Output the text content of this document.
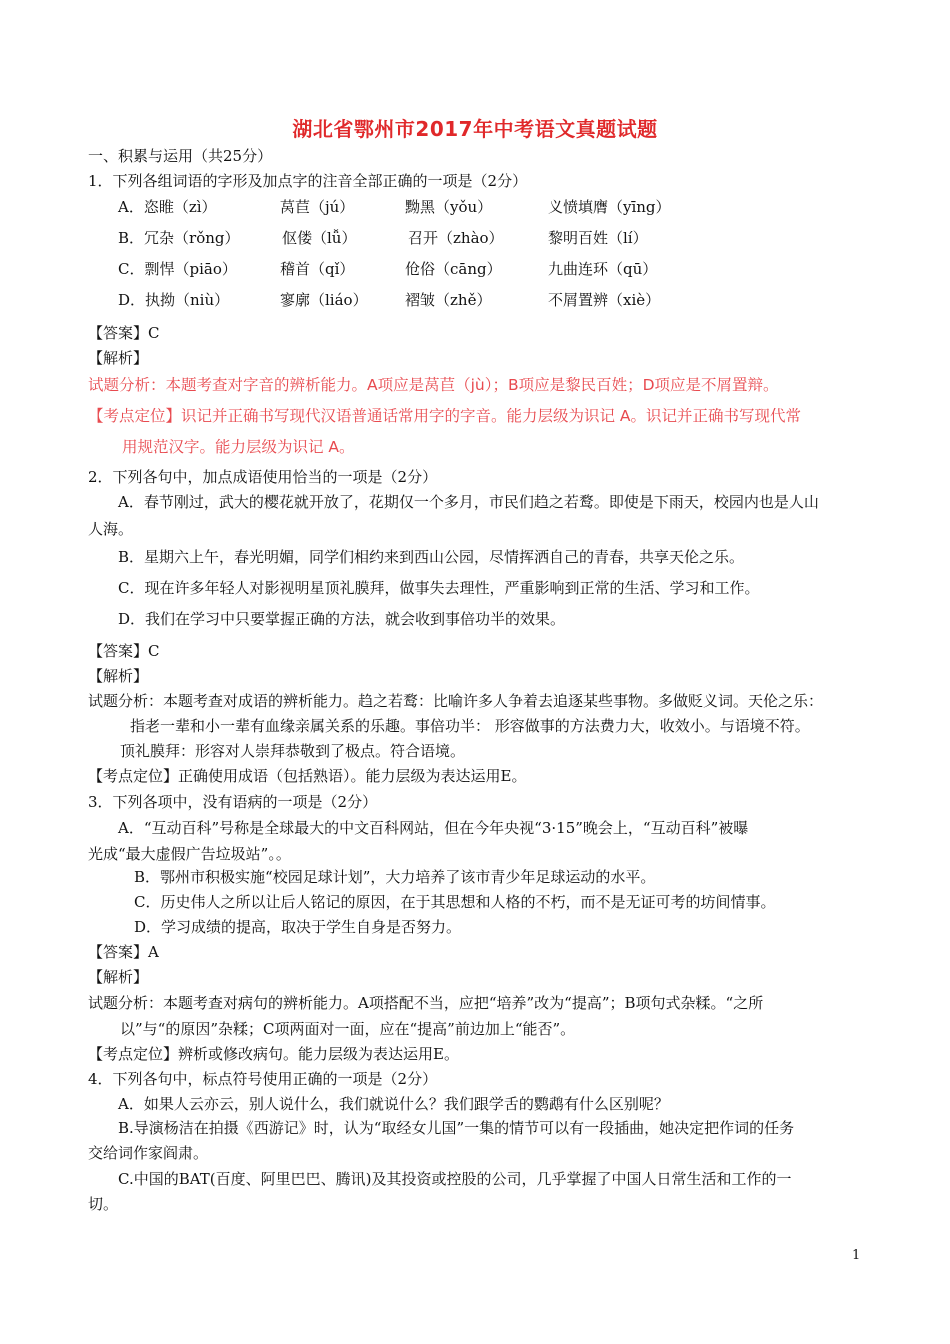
湖北省鄂州市2017年中考语文真题试题
一、积累与运用（共25分）
1．下列各组词语的字形及加点字的注音全部正确的一项是（2分）
A．恣睢（zì）	莴苣（jú）	黝黑（yǒu）	义愤填膺（yīng）
B．冗杂（rǒng）	伛偻（lǚ）	召开（zhào）	黎明百姓（lí）
C．剽悍（piāo）	稽首（qǐ）	伧俗（cāng）	九曲连环（qū）
D．执拗（niù）	寥廓（liáo） 褶皱（zhě）	不屑置辨（xiè）
【答案】C
【解析】
试题分析：本题考查对字音的辨析能力。A项应是莴苣（jù）；B项应是黎民百姓；D项应是不屑置辩。
【考点定位】识记并正确书写现代汉语普通话常用字的字音。能力层级为识记 A。识记并正确书写现代常
用规范汉字。能力层级为识记 A。
2．下列各句中，加点成语使用恰当的一项是（2分）
A．春节刚过，武大的樱花就开放了，花期仅一个多月，市民们趋之若鹜。即使是下雨天，校园内也是人山
人海。
B．星期六上午，春光明媚，同学们相约来到西山公园，尽情挥洒自己的青春，共享天伦之乐。
C．现在许多年轻人对影视明星顶礼膜拜，做事失去理性，严重影响到正常的生活、学习和工作。
D．我们在学习中只要掌握正确的方法，就会收到事倍功半的效果。
【答案】C
【解析】
试题分析：本题考查对成语的辨析能力。趋之若鹜：比喻许多人争着去追逐某些事物。多做贬义词。天伦之乐：
指老一辈和小一辈有血缘亲属关系的乐趣。事倍功半： 形容做事的方法费力大，收效小。与语境不符。
顶礼膜拜：形容对人崇拜恭敬到了极点。符合语境。
【考点定位】正确使用成语（包括熟语）。能力层级为表达运用E。
3．下列各项中，没有语病的一项是（2分）
A．“互动百科”号称是全球最大的中文百科网站，但在今年央视“3·15”晚会上，“互动百科”被曝
光成“最大虚假广告垃圾站”。。
B．鄂州市积极实施“校园足球计划”，大力培养了该市青少年足球运动的水平。
C．历史伟人之所以让后人铭记的原因，在于其思想和人格的不朽，而不是无证可考的坊间情事。
D．学习成绩的提高，取决于学生自身是否努力。
【答案】A
【解析】
试题分析：本题考查对病句的辨析能力。A项搭配不当，应把“培养”改为“提高”；B项句式杂糅。“之所
以”与“的原因”杂糅；C项两面对一面，应在“提高”前边加上“能否”。
【考点定位】辨析或修改病句。能力层级为表达运用E。
4．下列各句中，标点符号使用正确的一项是（2分）
A．如果人云亦云，别人说什么，我们就说什么？我们跟学舌的鹦鹉有什么区别呢？
B.导演杨洁在拍摄《西游记》时，认为“取经女儿国”一集的情节可以有一段插曲，她决定把作词的任务
交给词作家阎肃。
C.中国的BAT(百度、阿里巴巴、腾讯)及其投资或控股的公司，几乎掌握了中国人日常生活和工作的一
切。
1
